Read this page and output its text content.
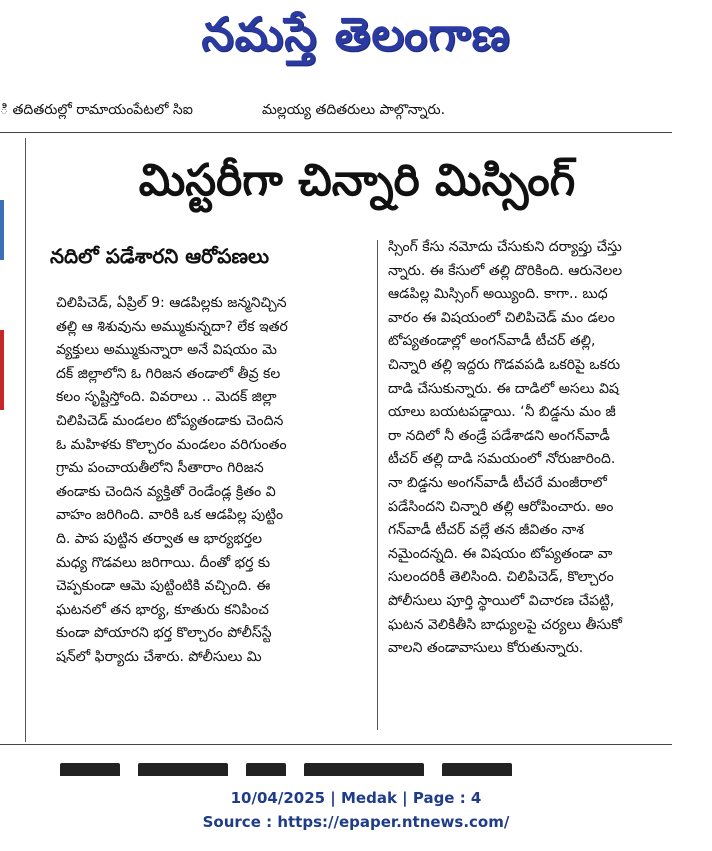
నమస్తే తెలంగాణ
ి తదితరుల్లో రామాయంపేటలో సిఐ	మల్లయ్య తదితరులు పాల్గొన్నారు.
మిస్టరీగా చిన్నారి మిస్సింగ్
నదిలో పడేశారని ఆరోపణలు
చిలిపిచెడ్, ఏప్రిల్ 9: ఆడపిల్లకు జన్మనిచ్చిన
తల్లి ఆ శిశువును అమ్ముకున్నదా? లేక ఇతర
వ్యక్తులు అమ్ముకున్నారా అనే విషయం మె
దక్ జిల్లాలోని ఓ గిరిజన తండాలో తీవ్ర కల
కలం సృష్టిస్తోంది. వివరాలు .. మెదక్ జిల్లా
చిలిపిచెడ్ మండలం టోప్యతండాకు చెందిన
ఓ మహిళకు కొల్చారం మండలం వరిగుంతం
గ్రామ పంచాయతీలోని సీతారాం గిరిజన
తండాకు చెందిన వ్యక్తితో రెండేండ్ల క్రితం వి
వాహం జరిగింది. వారికి ఒక ఆడపిల్ల పుట్టిం
ది. పాప పుట్టిన తర్వాత ఆ భార్యభర్తల
మధ్య గొడవలు జరిగాయి. దీంతో భర్త కు
చెప్పకుండా ఆమె పుట్టింటికి వచ్చింది. ఈ
ఘటనలో తన భార్య, కూతురు కనిపించ
కుండా పోయారని భర్త కొల్చారం పోలీస్‌స్టే
షన్‌లో ఫిర్యాదు చేశారు. పోలీసులు మి
స్సింగ్ కేసు నమోదు చేసుకుని దర్యాప్తు చేస్తు
న్నారు. ఈ కేసులో తల్లి దొరికింది. ఆరునెలల
ఆడపిల్ల మిస్సింగ్ అయ్యింది. కాగా.. బుధ
వారం ఈ విషయంలో చిలిపిచెడ్ మం డలం
టోప్యతండాల్లో అంగన్‌వాడీ టీచర్ తల్లి,
చిన్నారి తల్లి ఇద్దరు గొడవపడి ఒకరిపై ఒకరు
దాడి చేసుకున్నారు. ఈ దాడిలో అసలు విష
యాలు బయటపడ్డాయి. ‘నీ బిడ్డను మం జీ
రా నదిలో నీ తండ్రే పడేశాడని అంగన్‌వాడీ
టీచర్ తల్లి దాడి సమయంలో నోరుజారింది.
నా బిడ్డను అంగన్‌వాడీ టీచరే మంజీరాలో
పడేసిందని చిన్నారి తల్లి ఆరోపించారు. అం
గన్‌వాడీ టీచర్ వల్లే తన జీవితం నాశ
నమైందన్నది. ఈ విషయం టోప్యతండా వా
సులందరికీ తెలిసింది. చిలిపిచెడ్, కొల్చారం
పోలీసులు పూర్తి స్థాయిలో విచారణ చేపట్టి,
ఘటన వెలికితీసి బాధ్యులపై చర్యలు తీసుకో
వాలని తండావాసులు కోరుతున్నారు.
10/04/2025 | Medak | Page : 4
Source : https://epaper.ntnews.com/
